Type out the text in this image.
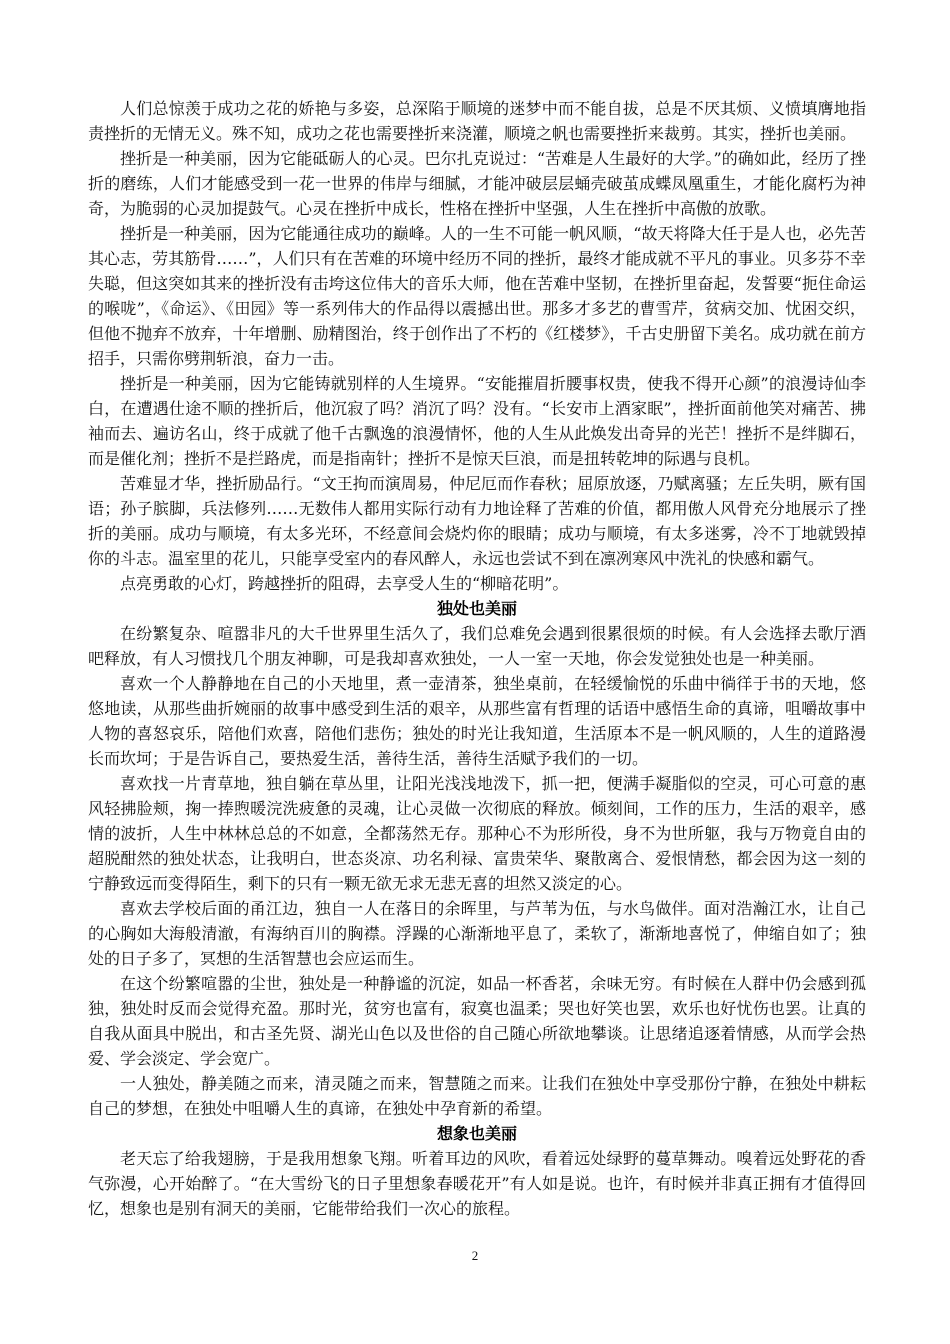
人们总惊羡于成功之花的娇艳与多姿，总深陷于顺境的迷梦中而不能自拔，总是不厌其烦、义愤填膺地指责挫折的无情无义。殊不知，成功之花也需要挫折来浇灌，顺境之帆也需要挫折来裁剪。其实，挫折也美丽。

挫折是一种美丽，因为它能砥砺人的心灵。巴尔扎克说过：“苦难是人生最好的大学。”的确如此，经历了挫折的磨练，人们才能感受到一花一世界的伟岸与细腻，才能冲破层层蛹壳破茧成蝶凤凰重生，才能化腐朽为神奇，为脆弱的心灵加提鼓气。心灵在挫折中成长，性格在挫折中坚强，人生在挫折中高傲的放歌。

挫折是一种美丽，因为它能通往成功的巅峰。人的一生不可能一帆风顺，“故天将降大任于是人也，必先苦其心志，劳其筋骨……”，人们只有在苦难的环境中经历不同的挫折，最终才能成就不平凡的事业。贝多芬不幸失聪，但这突如其来的挫折没有击垮这位伟大的音乐大师，他在苦难中坚韧，在挫折里奋起，发誓要“扼住命运的喉咙”，《命运》、《田园》等一系列伟大的作品得以震撼出世。那多才多艺的曹雪芹，贫病交加、忧困交织，但他不抛弃不放弃，十年增删、励精图治，终于创作出了不朽的《红楼梦》，千古史册留下美名。成功就在前方招手，只需你劈荆斩浪，奋力一击。

挫折是一种美丽，因为它能铸就别样的人生境界。“安能摧眉折腰事权贵，使我不得开心颜”的浪漫诗仙李白，在遭遇仕途不顺的挫折后，他沉寂了吗？消沉了吗？没有。“长安市上酒家眠”，挫折面前他笑对痛苦、拂袖而去、遍访名山，终于成就了他千古飘逸的浪漫情怀，他的人生从此焕发出奇异的光芒！挫折不是绊脚石，而是催化剂；挫折不是拦路虎，而是指南针；挫折不是惊天巨浪，而是扭转乾坤的际遇与良机。

苦难显才华，挫折励品行。“文王拘而演周易，仲尼厄而作春秋；屈原放逐，乃赋离骚；左丘失明，厥有国语；孙子膑脚，兵法修列……无数伟人都用实际行动有力地诠释了苦难的价值，都用傲人风骨充分地展示了挫折的美丽。成功与顺境，有太多光环，不经意间会烧灼你的眼睛；成功与顺境，有太多迷雾，冷不丁地就毁掉你的斗志。温室里的花儿，只能享受室内的春风醉人，永远也尝试不到在凛冽寒风中洗礼的快感和霸气。

点亮勇敢的心灯，跨越挫折的阻碍，去享受人生的“柳暗花明”。

独处也美丽

在纷繁复杂、喧嚣非凡的大千世界里生活久了，我们总难免会遇到很累很烦的时候。有人会选择去歌厅酒吧释放，有人习惯找几个朋友神聊，可是我却喜欢独处，一人一室一天地，你会发觉独处也是一种美丽。

喜欢一个人静静地在自己的小天地里，煮一壶清茶，独坐桌前，在轻缓愉悦的乐曲中徜徉于书的天地，悠悠地读，从那些曲折婉丽的故事中感受到生活的艰辛，从那些富有哲理的话语中感悟生命的真谛，咀嚼故事中人物的喜怒哀乐，陪他们欢喜，陪他们悲伤；独处的时光让我知道，生活原本不是一帆风顺的，人生的道路漫长而坎坷；于是告诉自己，要热爱生活，善待生活，善待生活赋予我们的一切。

喜欢找一片青草地，独自躺在草丛里，让阳光浅浅地泼下，抓一把，便满手凝脂似的空灵，可心可意的惠风轻拂脸颊，掬一捧煦暖浣洗疲惫的灵魂，让心灵做一次彻底的释放。倾刻间，工作的压力，生活的艰辛，感情的波折，人生中林林总总的不如意，全都荡然无存。那种心不为形所役，身不为世所躯，我与万物竟自由的超脱酣然的独处状态，让我明白，世态炎凉、功名利禄、富贵荣华、聚散离合、爱恨情愁，都会因为这一刻的宁静致远而变得陌生，剩下的只有一颗无欲无求无悲无喜的坦然又淡定的心。

喜欢去学校后面的甬江边，独自一人在落日的余晖里，与芦苇为伍，与水鸟做伴。面对浩瀚江水，让自己的心胸如大海般清澈，有海纳百川的胸襟。浮躁的心渐渐地平息了，柔软了，渐渐地喜悦了，伸缩自如了；独处的日子多了，冥想的生活智慧也会应运而生。

在这个纷繁喧嚣的尘世，独处是一种静谧的沉淀，如品一杯香茗，余味无穷。有时候在人群中仍会感到孤独，独处时反而会觉得充盈。那时光，贫穷也富有，寂寞也温柔；哭也好笑也罢，欢乐也好忧伤也罢。让真的自我从面具中脱出，和古圣先贤、湖光山色以及世俗的自己随心所欲地攀谈。让思绪追逐着情感，从而学会热爱、学会淡定、学会宽广。

一人独处，静美随之而来，清灵随之而来，智慧随之而来。让我们在独处中享受那份宁静，在独处中耕耘自己的梦想，在独处中咀嚼人生的真谛，在独处中孕育新的希望。

想象也美丽

老天忘了给我翅膀，于是我用想象飞翔。听着耳边的风吹，看着远处绿野的蔓草舞动。嗅着远处野花的香气弥漫，心开始醉了。“在大雪纷飞的日子里想象春暖花开”有人如是说。也许，有时候并非真正拥有才值得回忆，想象也是别有洞天的美丽，它能带给我们一次心的旅程。

2
